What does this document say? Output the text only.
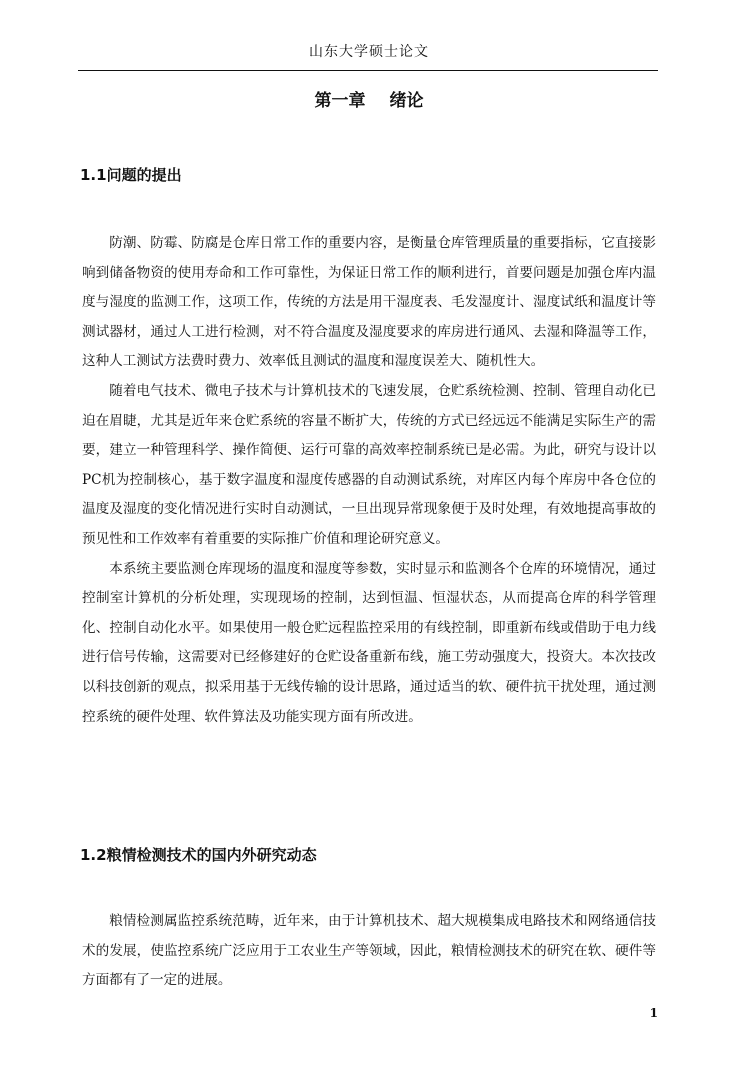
山东大学硕士论文
第一章 绪论
1.1问题的提出

防潮、防霉、防腐是仓库日常工作的重要内容，是衡量仓库管理质量的重要指标，它直接影响到储备物资的使用寿命和工作可靠性，为保证日常工作的顺利进行，首要问题是加强仓库内温度与湿度的监测工作，这项工作，传统的方法是用干湿度表、毛发湿度计、湿度试纸和温度计等测试器材，通过人工进行检测，对不符合温度及湿度要求的库房进行通风、去湿和降温等工作，这种人工测试方法费时费力、效率低且测试的温度和湿度误差大、随机性大。

随着电气技术、微电子技术与计算机技术的飞速发展，仓贮系统检测、控制、管理自动化已迫在眉睫，尤其是近年来仓贮系统的容量不断扩大，传统的方式已经远远不能满足实际生产的需要，建立一种管理科学、操作简便、运行可靠的高效率控制系统已是必需。为此，研究与设计以PC机为控制核心，基于数字温度和湿度传感器的自动测试系统，对库区内每个库房中各仓位的温度及湿度的变化情况进行实时自动测试，一旦出现异常现象便于及时处理，有效地提高事故的预见性和工作效率有着重要的实际推广价值和理论研究意义。

本系统主要监测仓库现场的温度和湿度等参数，实时显示和监测各个仓库的环境情况，通过控制室计算机的分析处理，实现现场的控制，达到恒温、恒湿状态，从而提高仓库的科学管理化、控制自动化水平。如果使用一般仓贮远程监控采用的有线控制，即重新布线或借助于电力线进行信号传输，这需要对已经修建好的仓贮设备重新布线，施工劳动强度大，投资大。本次技改以科技创新的观点，拟采用基于无线传输的设计思路，通过适当的软、硬件抗干扰处理，通过测控系统的硬件处理、软件算法及功能实现方面有所改进。

1.2粮情检测技术的国内外研究动态

粮情检测属监控系统范畴，近年来，由于计算机技术、超大规模集成电路技术和网络通信技术的发展，使监控系统广泛应用于工农业生产等领域，因此，粮情检测技术的研究在软、硬件等方面都有了一定的进展。

1
